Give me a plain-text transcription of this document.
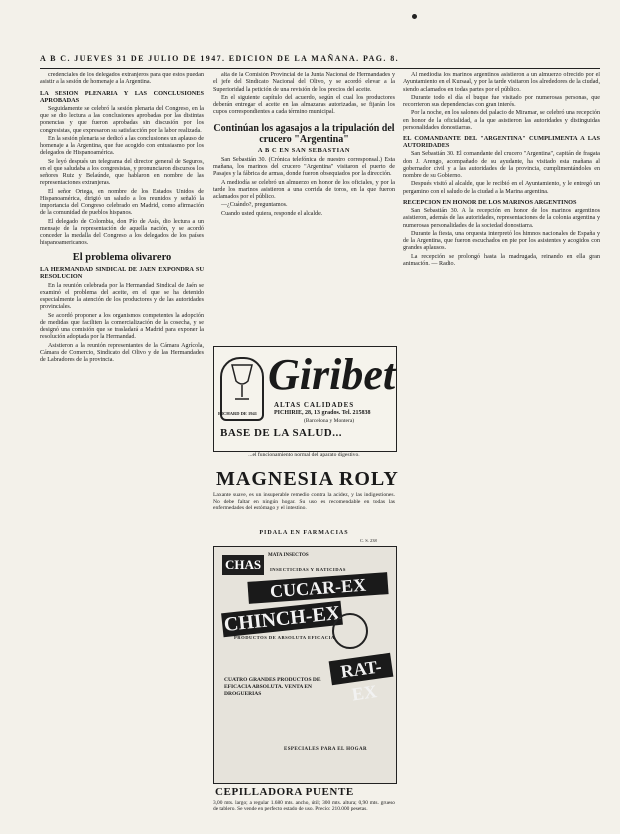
A B C. JUEVES 31 DE JULIO DE 1947. EDICION DE LA MAÑANA. PAG. 8.

credenciales de los delegados extranjeros para que estos puedan asistir a la sesión de homenaje a la Argentina.

LA SESION PLENARIA Y LAS CONCLUSIONES APROBADAS

Seguidamente se celebró la sesión plenaria del Congreso, en la que se dio lectura a las conclusiones aprobadas por las distintas ponencias y que fueron aprobadas sin discusión por los congresistas, que expresaron su satisfacción por la labor realizada.

En la sesión plenaria se dedicó a las conclusiones un aplauso de homenaje a la Argentina, que fue acogido con entusiasmo por los delegados de Hispanoamérica.

Se leyó después un telegrama del director general de Seguros, en el que saludaba a los congresistas, y pronunciaron discursos los señores Ruiz y Belaúnde, que hablaron en nombre de las representaciones extranjeras.

El señor Ortega, en nombre de los Estados Unidos de Hispanoamérica, dirigió un saludo a los reunidos y señaló la importancia del Congreso celebrado en Madrid, como afirmación de la comunidad de pueblos hispanos.

El delegado de Colombia, don Pío de Asís, dio lectura a un mensaje de la representación de aquella nación, y se acordó conceder la medalla del Congreso a los delegados de los países hispanoamericanos.

El problema olivarero
LA HERMANDAD SINDICAL DE JAEN EXPONDRA SU RESOLUCION

En la reunión celebrada por la Hermandad Sindical de Jaén se examinó el problema del aceite, en el que se ha detenido especialmente la atención de los productores y de las autoridades provinciales.

Se acordó proponer a los organismos competentes la adopción de medidas que faciliten la comercialización de la cosecha, y se designó una comisión que se trasladará a Madrid para exponer la resolución adoptada por la Hermandad.

Asistieron a la reunión representantes de la Cámara Agrícola, Cámara de Comercio, Sindicato del Olivo y de las Hermandades de Labradores de la provincia.

alta de la Comisión Provincial de la Junta Nacional de Hermandades y el jefe del Sindicato Nacional del Olivo, y se acordó elevar a la Superioridad la petición de una revisión de los precios del aceite.

En el siguiente capítulo del acuerdo, según el cual los productores deberán entregar el aceite en las almazaras autorizadas, se fijarán los cupos correspondientes a cada término municipal.

Continúan los agasajos a la tripulación del crucero "Argentina"
A B C EN SAN SEBASTIAN

San Sebastián 30. (Crónica telefónica de nuestro corresponsal.) Esta mañana, los marinos del crucero "Argentina" visitaron el puerto de Pasajes y la fábrica de armas, donde fueron obsequiados por la dirección.

A mediodía se celebró un almuerzo en honor de los oficiales, y por la tarde los marinos asistieron a una corrida de toros, en la que fueron aclamados por el público.

—¿Cuándo?, preguntamos.

Cuando usted quiera, responde el alcalde.

RICHARD DE 1941
Giribet
ALTAS CALIDADES
PICHIRIE, 28, 13 grados. Tel. 215838
(Barcelona y Montera)
BASE DE LA SALUD...
...el funcionamiento normal del aparato digestivo.
MAGNESIA ROLY
Laxante suave, es un insuperable remedio contra la acidez, y las indigestiones. No debe faltar en ningún hogar. Su uso es recomendable en todas las enfermedades del estómago y el intestino.
PIDALA EN FARMACIAS
C. S. 238
CHAS
MATA INSECTOS
INSECTICIDAS Y RATICIDAS
CUCAR-EX
CHINCH-EX
PRODUCTOS DE ABSOLUTA EFICACIA
RAT-EX
CUATRO GRANDES PRODUCTOS DE EFICACIA ABSOLUTA. VENTA EN DROGUERIAS
ESPECIALES PARA EL HOGAR
CEPILLADORA PUENTE
3,00 mts. largo; a regular 1.680 mts. ancho, útil; 300 mts. altura; 0,90 mts. grueso de tablero. Se vende en perfecto estado de uso. Precio: 210.000 pesetas.

Al mediodía los marinos argentinos asistieron a un almuerzo ofrecido por el Ayuntamiento en el Kursaal, y por la tarde visitaron los alrededores de la ciudad, siendo aclamados en todas partes por el público.

Durante todo el día el buque fue visitado por numerosas personas, que recorrieron sus dependencias con gran interés.

Por la noche, en los salones del palacio de Miramar, se celebró una recepción en honor de la oficialidad, a la que asistieron las autoridades y distinguidas personalidades donostiarras.

EL COMANDANTE DEL "ARGENTINA" CUMPLIMENTA A LAS AUTORIDADES

San Sebastián 30. El comandante del crucero "Argentina", capitán de fragata don J. Arengo, acompañado de su ayudante, ha visitado esta mañana al gobernador civil y a las autoridades de la provincia, cumplimentándoles en nombre de su Gobierno.

Después visitó al alcalde, que le recibió en el Ayuntamiento, y le entregó un pergamino con el saludo de la ciudad a la Marina argentina.

RECEPCION EN HONOR DE LOS MARINOS ARGENTINOS

San Sebastián 30. A la recepción en honor de los marinos argentinos asistieron, además de las autoridades, representaciones de la colonia argentina y numerosas personalidades de la sociedad donostiarra.

Durante la fiesta, una orquesta interpretó los himnos nacionales de España y de la Argentina, que fueron escuchados en pie por los asistentes y acogidos con grandes aplausos.

La recepción se prolongó hasta la madrugada, reinando en ella gran animación. — Radio.
